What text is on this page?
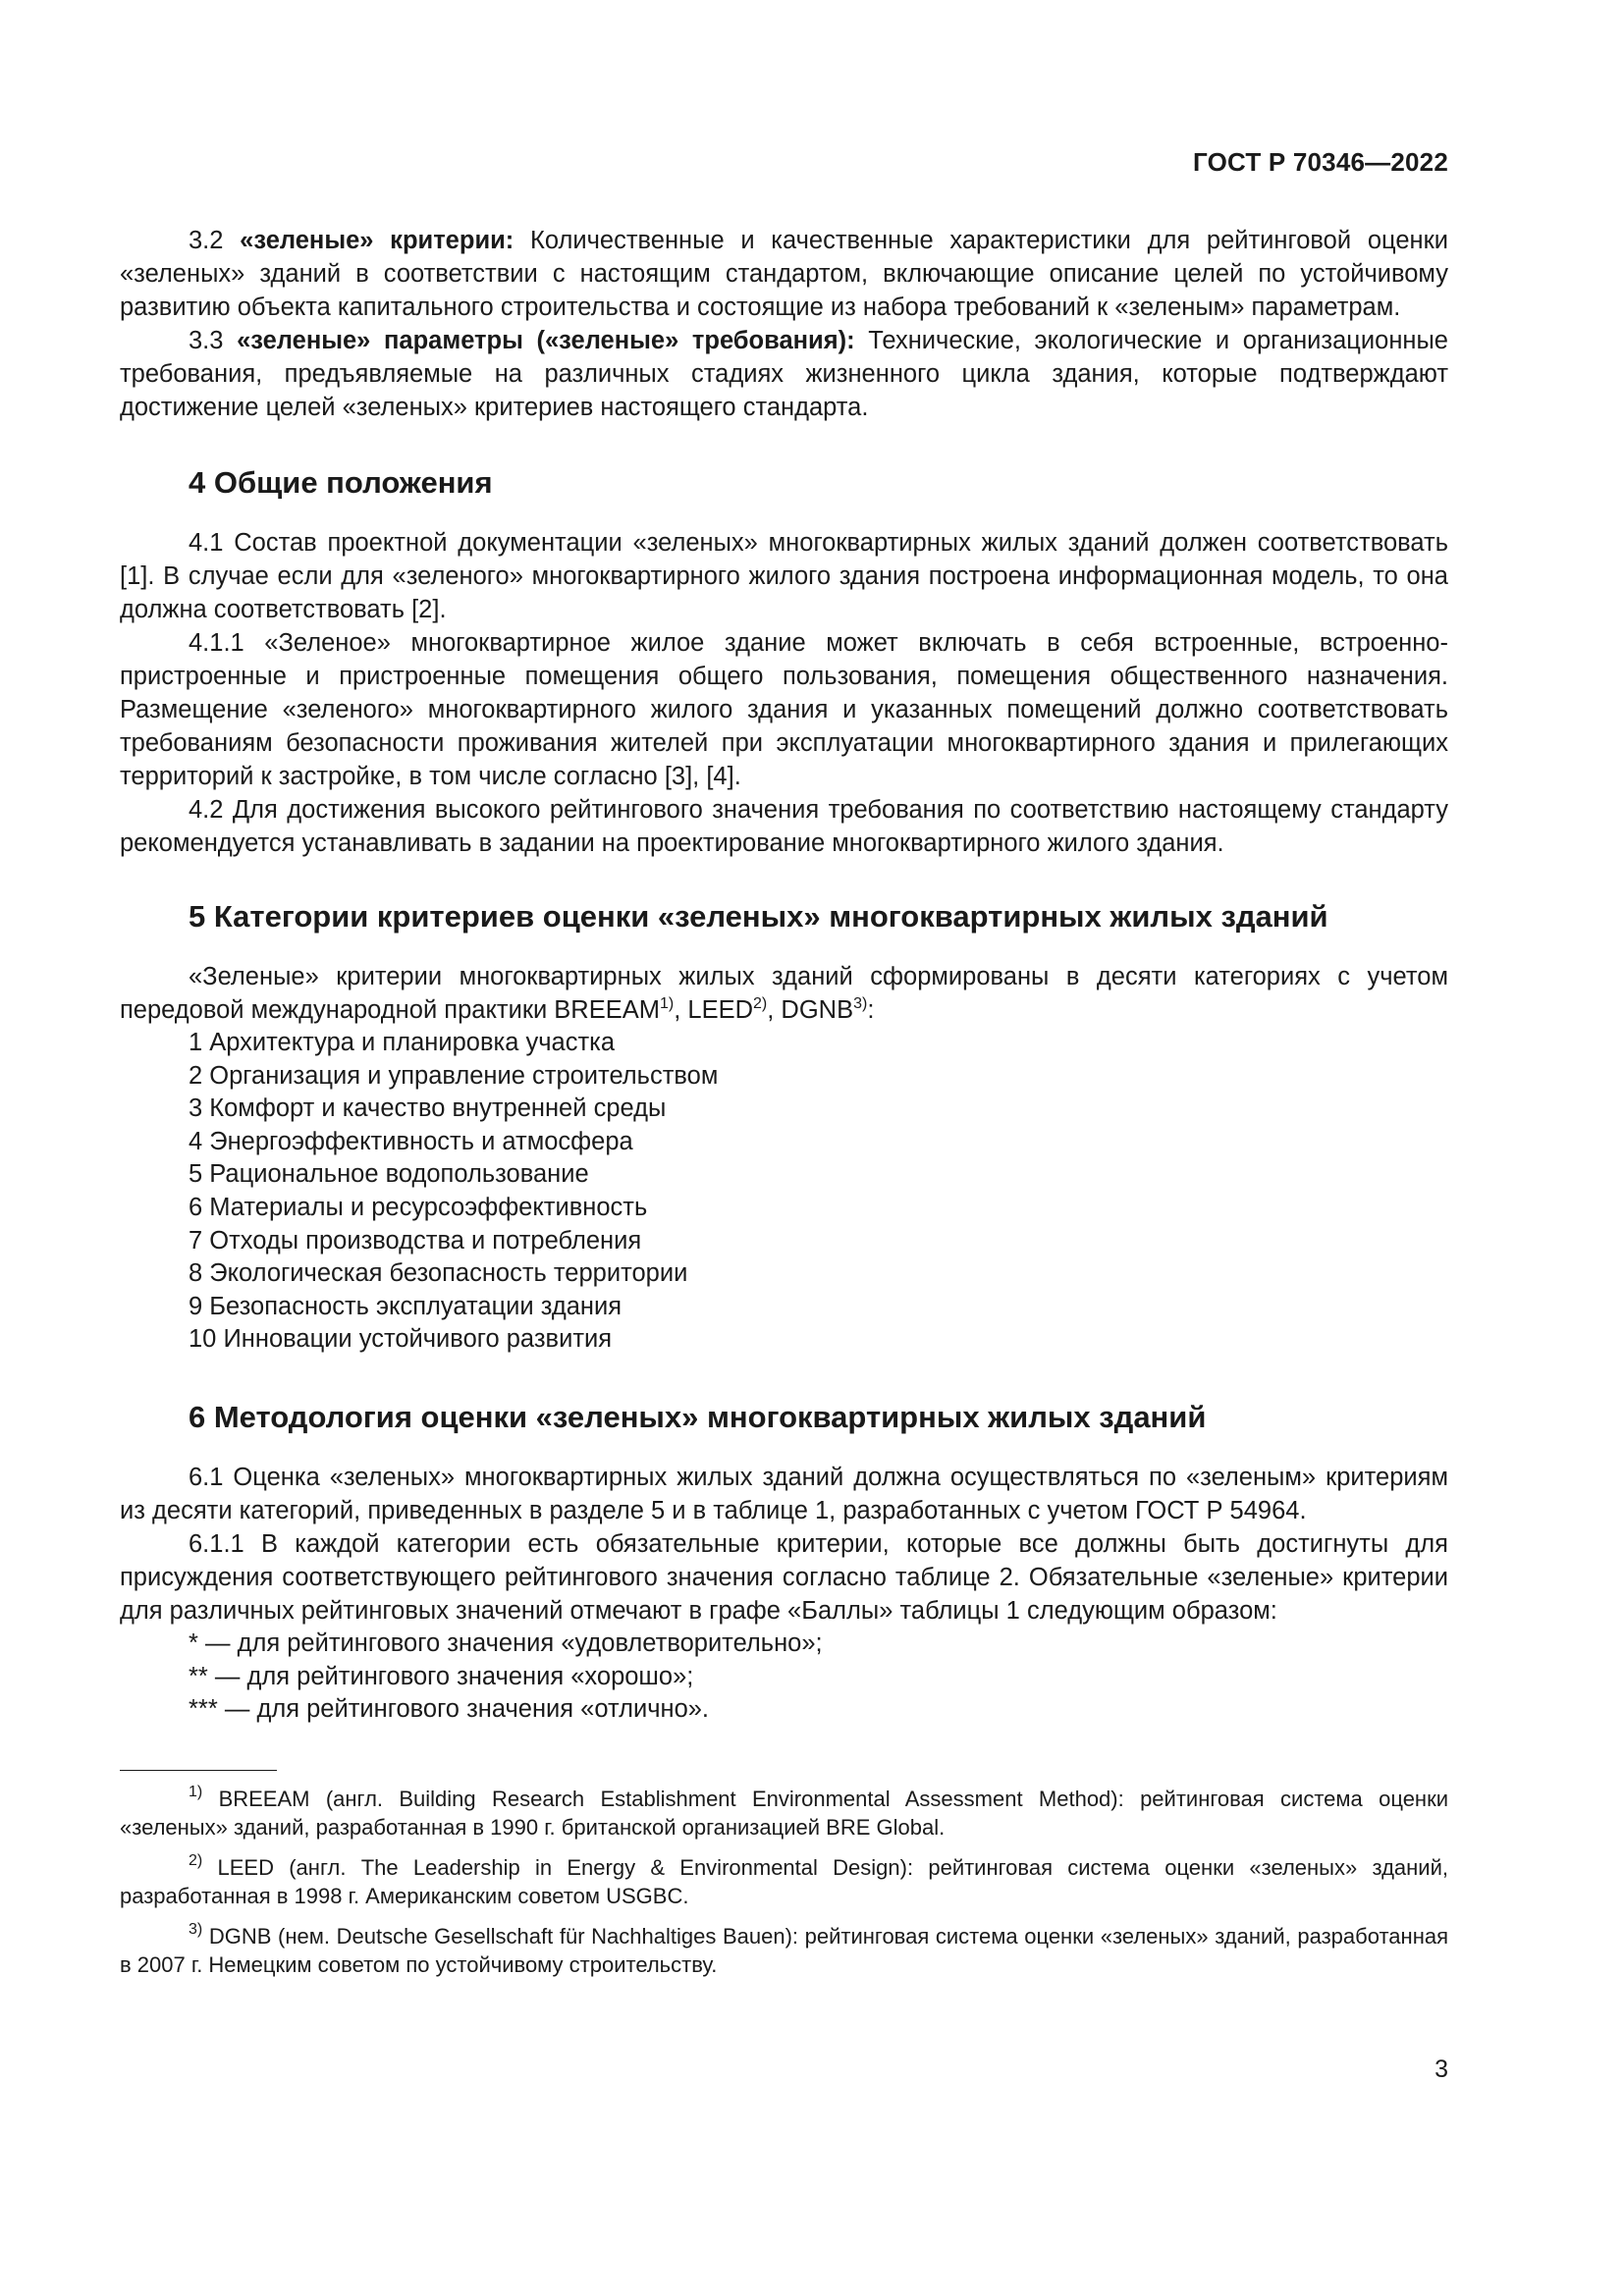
ГОСТ Р 70346—2022

3.2 «зеленые» критерии: Количественные и качественные характеристики для рейтинговой оценки «зеленых» зданий в соответствии с настоящим стандартом, включающие описание целей по устойчивому развитию объекта капитального строительства и состоящие из набора требований к «зеленым» параметрам.

3.3 «зеленые» параметры («зеленые» требования): Технические, экологические и организационные требования, предъявляемые на различных стадиях жизненного цикла здания, которые подтверждают достижение целей «зеленых» критериев настоящего стандарта.

4 Общие положения

4.1 Состав проектной документации «зеленых» многоквартирных жилых зданий должен соответствовать [1]. В случае если для «зеленого» многоквартирного жилого здания построена информационная модель, то она должна соответствовать [2].

4.1.1 «Зеленое» многоквартирное жилое здание может включать в себя встроенные, встроенно-пристроенные и пристроенные помещения общего пользования, помещения общественного назначения. Размещение «зеленого» многоквартирного жилого здания и указанных помещений должно соответствовать требованиям безопасности проживания жителей при эксплуатации многоквартирного здания и прилегающих территорий к застройке, в том числе согласно [3], [4].

4.2 Для достижения высокого рейтингового значения требования по соответствию настоящему стандарту рекомендуется устанавливать в задании на проектирование многоквартирного жилого здания.

5 Категории критериев оценки «зеленых» многоквартирных жилых зданий

«Зеленые» критерии многоквартирных жилых зданий сформированы в десяти категориях с учетом передовой международной практики BREEAM$^{1)}$, LEED$^{2)}$, DGNB$^{3)}$:

1 Архитектура и планировка участка
2 Организация и управление строительством
3 Комфорт и качество внутренней среды
4 Энергоэффективность и атмосфера
5 Рациональное водопользование
6 Материалы и ресурсоэффективность
7 Отходы производства и потребления
8 Экологическая безопасность территории
9 Безопасность эксплуатации здания
10 Инновации устойчивого развития
6 Методология оценки «зеленых» многоквартирных жилых зданий

6.1 Оценка «зеленых» многоквартирных жилых зданий должна осуществляться по «зеленым» критериям из десяти категорий, приведенных в разделе 5 и в таблице 1, разработанных с учетом ГОСТ Р 54964.

6.1.1 В каждой категории есть обязательные критерии, которые все должны быть достигнуты для присуждения соответствующего рейтингового значения согласно таблице 2. Обязательные «зеленые» критерии для различных рейтинговых значений отмечают в графе «Баллы» таблицы 1 следующим образом:

* — для рейтингового значения «удовлетворительно»;
** — для рейтингового значения «хорошо»;
*** — для рейтингового значения «отлично».
$^{1)}$ BREEAM (англ. Building Research Establishment Environmental Assessment Method): рейтинговая система оценки «зеленых» зданий, разработанная в 1990 г. британской организацией BRE Global.
$^{2)}$ LEED (англ. The Leadership in Energy & Environmental Design): рейтинговая система оценки «зеленых» зданий, разработанная в 1998 г. Американским советом USGBC.
$^{3)}$ DGNB (нем. Deutsche Gesellschaft für Nachhaltiges Bauen): рейтинговая система оценки «зеленых» зданий, разработанная в 2007 г. Немецким советом по устойчивому строительству.
3
